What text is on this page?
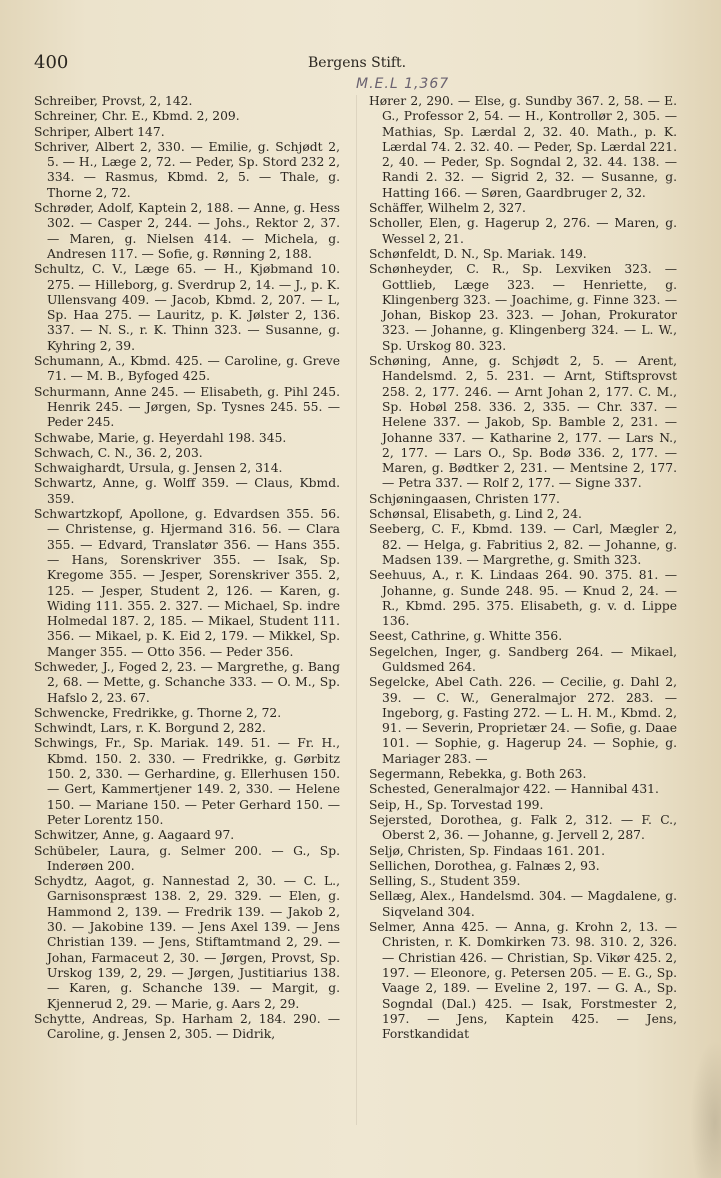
400	Bergens Stift.
M.E.L 1,367

Schreiber, Provst, 2, 142.

Schreiner, Chr. E., Kbmd. 2, 209.

Schriper, Albert 147.

Schriver, Albert 2, 330. — Emilie, g. Schjødt 2, 5. — H., Læge 2, 72. — Peder, Sp. Stord 232 2, 334. — Rasmus, Kbmd. 2, 5. — Thale, g. Thorne 2, 72.

Schrøder, Adolf, Kaptein 2, 188. — Anne, g. Hess 302. — Casper 2, 244. — Johs., Rektor 2, 37. — Maren, g. Nielsen 414. — Michela, g. Andresen 117. — Sofie, g. Rønning 2, 188.

Schultz, C. V., Læge 65. — H., Kjøbmand 10. 275. — Hilleborg, g. Sverdrup 2, 14. — J., p. K. Ullensvang 409. — Jacob, Kbmd. 2, 207. — L, Sp. Haa 275. — Lauritz, p. K. Jølster 2, 136. 337. — N. S., r. K. Thinn 323. — Susanne, g. Kyhring 2, 39.

Schumann, A., Kbmd. 425. — Caroline, g. Greve 71. — M. B., Byfoged 425.

Schurmann, Anne 245. — Elisabeth, g. Pihl 245. Henrik 245. — Jørgen, Sp. Tysnes 245. 55. — Peder 245.

Schwabe, Marie, g. Heyerdahl 198. 345.

Schwach, C. N., 36. 2, 203.

Schwaighardt, Ursula, g. Jensen 2, 314.

Schwartz, Anne, g. Wolff 359. — Claus, Kbmd. 359.

Schwartzkopf, Apollone, g. Edvardsen 355. 56. — Christense, g. Hjermand 316. 56. — Clara 355. — Edvard, Translatør 356. — Hans 355. — Hans, Sorenskriver 355. — Isak, Sp. Kregome 355. — Jesper, Sorenskriver 355. 2, 125. — Jesper, Student 2, 126. — Karen, g. Widing 111. 355. 2. 327. — Michael, Sp. indre Holmedal 187. 2, 185. — Mikael, Student 111. 356. — Mikael, p. K. Eid 2, 179. — Mikkel, Sp. Manger 355. — Otto 356. — Peder 356.

Schweder, J., Foged 2, 23. — Margrethe, g. Bang 2, 68. — Mette, g. Schanche 333. — O. M., Sp. Hafslo 2, 23. 67.

Schwencke, Fredrikke, g. Thorne 2, 72.

Schwindt, Lars, r. K. Borgund 2, 282.

Schwings, Fr., Sp. Mariak. 149. 51. — Fr. H., Kbmd. 150. 2. 330. — Fredrikke, g. Gørbitz 150. 2, 330. — Gerhardine, g. Ellerhusen 150. — Gert, Kammertjener 149. 2, 330. — Helene 150. — Mariane 150. — Peter Gerhard 150. — Peter Lorentz 150.

Schwitzer, Anne, g. Aagaard 97.

Schübeler, Laura, g. Selmer 200. — G., Sp. Inderøen 200.

Schydtz, Aagot, g. Nannestad 2, 30. — C. L., Garnisonspræst 138. 2, 29. 329. — Elen, g. Hammond 2, 139. — Fredrik 139. — Jakob 2, 30. — Jakobine 139. — Jens Axel 139. — Jens Christian 139. — Jens, Stiftamtmand 2, 29. — Johan, Farmaceut 2, 30. — Jørgen, Provst, Sp. Urskog 139, 2, 29. — Jørgen, Justitiarius 138. — Karen, g. Schanche 139. — Margit, g. Kjennerud 2, 29. — Marie, g. Aars 2, 29.

Schytte, Andreas, Sp. Harham 2, 184. 290. — Caroline, g. Jensen 2, 305. — Didrik,

Hører 2, 290. — Else, g. Sundby 367. 2, 58. — E. G., Professor 2, 54. — H., Kontrollør 2, 305. — Mathias, Sp. Lærdal 2, 32. 40. Math., p. K. Lærdal 74. 2. 32. 40. — Peder, Sp. Lærdal 221. 2, 40. — Peder, Sp. Sogndal 2, 32. 44. 138. — Randi 2. 32. — Sigrid 2, 32. — Susanne, g. Hatting 166. — Søren, Gaardbruger 2, 32.

Schäffer, Wilhelm 2, 327.

Scholler, Elen, g. Hagerup 2, 276. — Maren, g. Wessel 2, 21.

Schønfeldt, D. N., Sp. Mariak. 149.

Schønheyder, C. R., Sp. Lexviken 323. — Gottlieb, Læge 323. — Henriette, g. Klingenberg 323. — Joachime, g. Finne 323. — Johan, Biskop 23. 323. — Johan, Prokurator 323. — Johanne, g. Klingenberg 324. — L. W., Sp. Urskog 80. 323.

Schøning, Anne, g. Schjødt 2, 5. — Arent, Handelsmd. 2, 5. 231. — Arnt, Stiftsprovst 258. 2, 177. 246. — Arnt Johan 2, 177. C. M., Sp. Hobøl 258. 336. 2, 335. — Chr. 337. — Helene 337. — Jakob, Sp. Bamble 2, 231. — Johanne 337. — Katharine 2, 177. — Lars N., 2, 177. — Lars O., Sp. Bodø 336. 2, 177. — Maren, g. Bødtker 2, 231. — Mentsine 2, 177. — Petra 337. — Rolf 2, 177. — Signe 337.

Schjøningaasen, Christen 177.

Schønsal, Elisabeth, g. Lind 2, 24.

Seeberg, C. F., Kbmd. 139. — Carl, Mægler 2, 82. — Helga, g. Fabritius 2, 82. — Johanne, g. Madsen 139. — Margrethe, g. Smith 323.

Seehuus, A., r. K. Lindaas 264. 90. 375. 81. — Johanne, g. Sunde 248. 95. — Knud 2, 24. — R., Kbmd. 295. 375. Elisabeth, g. v. d. Lippe 136.

Seest, Cathrine, g. Whitte 356.

Segelchen, Inger, g. Sandberg 264. — Mikael, Guldsmed 264.

Segelcke, Abel Cath. 226. — Cecilie, g. Dahl 2, 39. — C. W., Generalmajor 272. 283. — Ingeborg, g. Fasting 272. — L. H. M., Kbmd. 2, 91. — Severin, Proprietær 24. — Sofie, g. Daae 101. — Sophie, g. Hagerup 24. — Sophie, g. Mariager 283. —

Segermann, Rebekka, g. Both 263.

Schested, Generalmajor 422. — Hannibal 431.

Seip, H., Sp. Torvestad 199.

Sejersted, Dorothea, g. Falk 2, 312. — F. C., Oberst 2, 36. — Johanne, g. Jervell 2, 287.

Seljø, Christen, Sp. Findaas 161. 201.

Sellichen, Dorothea, g. Falnæs 2, 93.

Selling, S., Student 359.

Sellæg, Alex., Handelsmd. 304. — Magdalene, g. Siqveland 304.

Selmer, Anna 425. — Anna, g. Krohn 2, 13. — Christen, r. K. Domkirken 73. 98. 310. 2, 326. — Christian 426. — Christian, Sp. Vikør 425. 2, 197. — Eleonore, g. Petersen 205. — E. G., Sp. Vaage 2, 189. — Eveline 2, 197. — G. A., Sp. Sogndal (Dal.) 425. — Isak, Forstmester 2, 197. — Jens, Kaptein 425. — Jens, Forstkandidat
